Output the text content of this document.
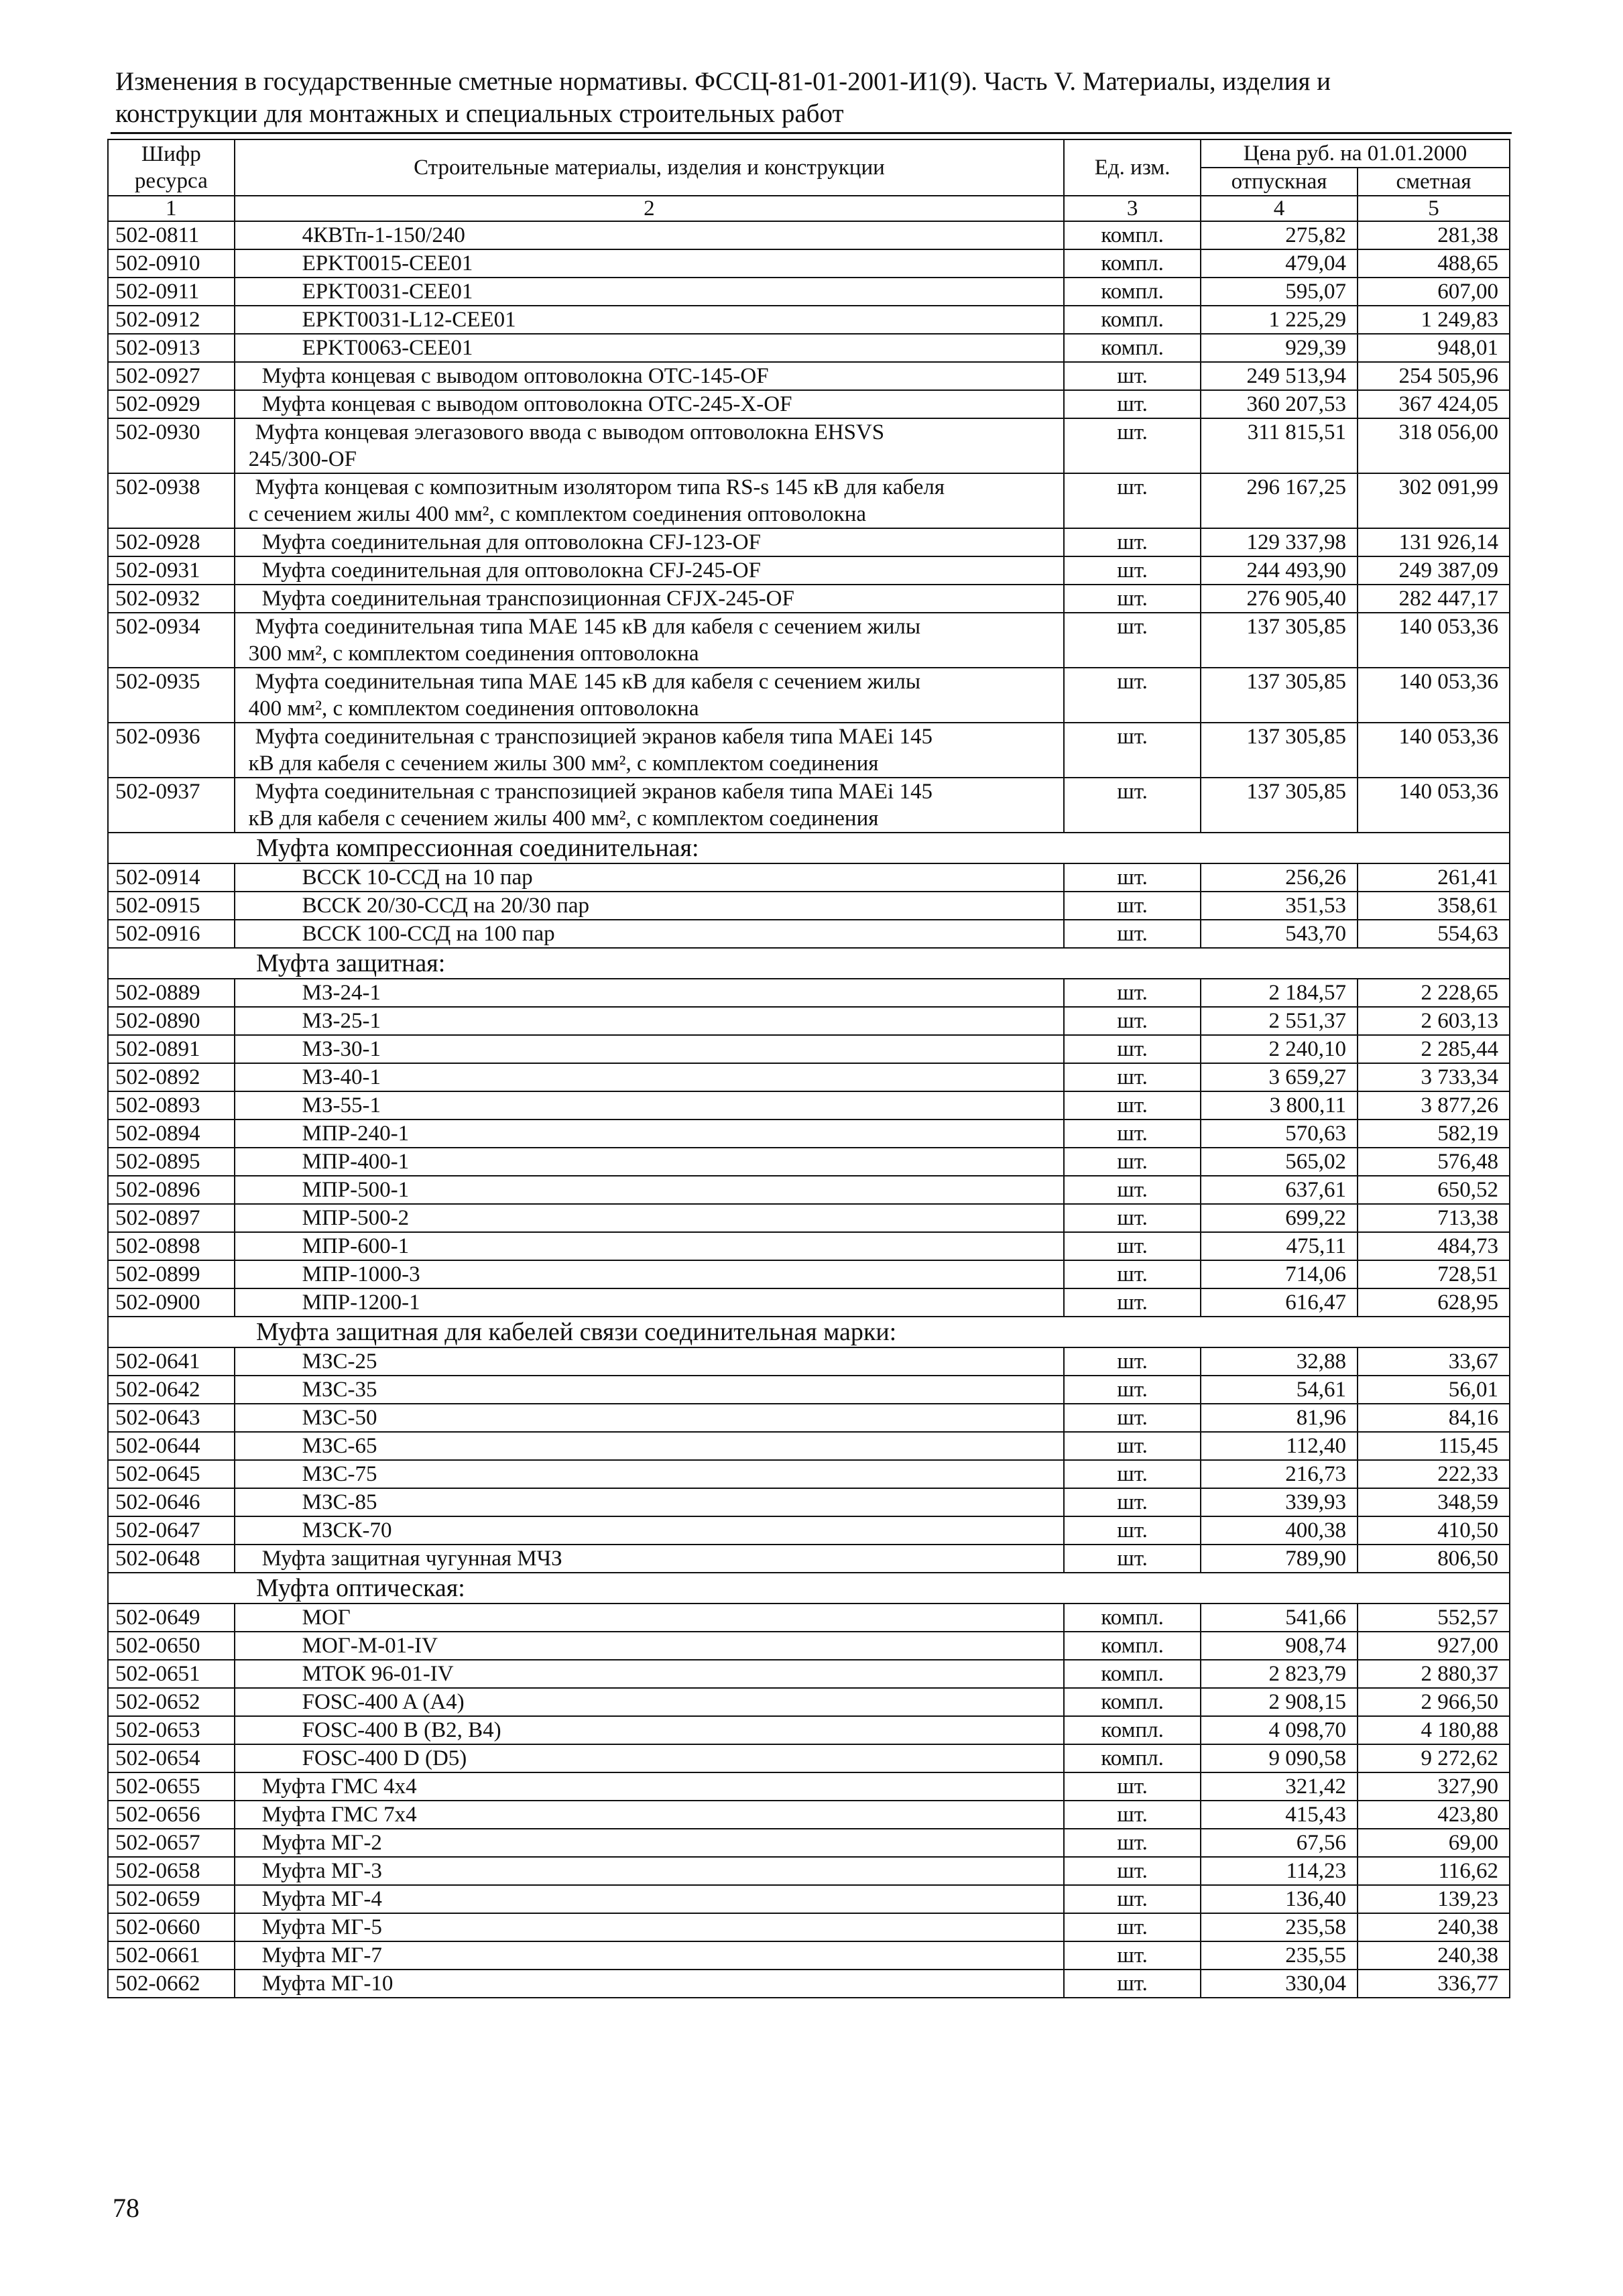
Изменения в государственные сметные нормативы. ФССЦ-81-01-2001-И1(9). Часть V. Материалы, изделия и
конструкции для монтажных и специальных строительных работ
Шифр ресурса	Строительные материалы, изделия и конструкции	Ед. изм.	Цена руб. на 01.01.2000	
			отпускная	сметная
1	2	3	4	5
502-0811	4КВТп-1-150/240	компл.	275,82	281,38
502-0910	EPKT0015-CEE01	компл.	479,04	488,65
502-0911	EPKT0031-CEE01	компл.	595,07	607,00
502-0912	EPKT0031-L12-CEE01	компл.	1 225,29	1 249,83
502-0913	EPKT0063-CEE01	компл.	929,39	948,01
502-0927	Муфта концевая с выводом оптоволокна OTC-145-OF	шт.	249 513,94	254 505,96
502-0929	Муфта концевая с выводом оптоволокна OTC-245-X-OF	шт.	360 207,53	367 424,05
502-0930	Муфта концевая элегазового ввода с выводом оптоволокна EHSVS
245/300-OF	шт.	311 815,51	318 056,00
502-0938	Муфта концевая с композитным изолятором типа RS-s 145 кВ для кабеля
с сечением жилы 400 мм², с комплектом соединения оптоволокна	шт.	296 167,25	302 091,99
502-0928	Муфта соединительная для оптоволокна CFJ-123-OF	шт.	129 337,98	131 926,14
502-0931	Муфта соединительная для оптоволокна CFJ-245-OF	шт.	244 493,90	249 387,09
502-0932	Муфта соединительная транспозиционная CFJX-245-OF	шт.	276 905,40	282 447,17
502-0934	Муфта соединительная типа MAE 145 кВ для кабеля с сечением жилы
300 мм², с комплектом соединения оптоволокна	шт.	137 305,85	140 053,36
502-0935	Муфта соединительная типа MAE 145 кВ для кабеля с сечением жилы
400 мм², с комплектом соединения оптоволокна	шт.	137 305,85	140 053,36
502-0936	Муфта соединительная с транспозицией экранов кабеля типа MAEi 145
кВ для кабеля с сечением жилы 300 мм², с комплектом соединения	шт.	137 305,85	140 053,36
502-0937	Муфта соединительная с транспозицией экранов кабеля типа MAEi 145
кВ для кабеля с сечением жилы 400 мм², с комплектом соединения	шт.	137 305,85	140 053,36
Муфта компрессионная соединительная:				
502-0914	ВССК 10-ССД на 10 пар	шт.	256,26	261,41
502-0915	ВССК 20/30-ССД на 20/30 пар	шт.	351,53	358,61
502-0916	ВССК 100-ССД на 100 пар	шт.	543,70	554,63
Муфта защитная:				
502-0889	МЗ-24-1	шт.	2 184,57	2 228,65
502-0890	МЗ-25-1	шт.	2 551,37	2 603,13
502-0891	МЗ-30-1	шт.	2 240,10	2 285,44
502-0892	МЗ-40-1	шт.	3 659,27	3 733,34
502-0893	МЗ-55-1	шт.	3 800,11	3 877,26
502-0894	МПР-240-1	шт.	570,63	582,19
502-0895	МПР-400-1	шт.	565,02	576,48
502-0896	МПР-500-1	шт.	637,61	650,52
502-0897	МПР-500-2	шт.	699,22	713,38
502-0898	МПР-600-1	шт.	475,11	484,73
502-0899	МПР-1000-3	шт.	714,06	728,51
502-0900	МПР-1200-1	шт.	616,47	628,95
Муфта защитная для кабелей связи соединительная марки:				
502-0641	МЗС-25	шт.	32,88	33,67
502-0642	МЗС-35	шт.	54,61	56,01
502-0643	МЗС-50	шт.	81,96	84,16
502-0644	МЗС-65	шт.	112,40	115,45
502-0645	МЗС-75	шт.	216,73	222,33
502-0646	МЗС-85	шт.	339,93	348,59
502-0647	МЗСК-70	шт.	400,38	410,50
502-0648	Муфта защитная чугунная МЧЗ	шт.	789,90	806,50
Муфта оптическая:				
502-0649	МОГ	компл.	541,66	552,57
502-0650	МОГ-М-01-IV	компл.	908,74	927,00
502-0651	МТОК 96-01-IV	компл.	2 823,79	2 880,37
502-0652	FOSC-400 A (A4)	компл.	2 908,15	2 966,50
502-0653	FOSC-400 B (B2, B4)	компл.	4 098,70	4 180,88
502-0654	FOSC-400 D (D5)	компл.	9 090,58	9 272,62
502-0655	Муфта ГМС 4х4	шт.	321,42	327,90
502-0656	Муфта ГМС 7х4	шт.	415,43	423,80
502-0657	Муфта МГ-2	шт.	67,56	69,00
502-0658	Муфта МГ-3	шт.	114,23	116,62
502-0659	Муфта МГ-4	шт.	136,40	139,23
502-0660	Муфта МГ-5	шт.	235,58	240,38
502-0661	Муфта МГ-7	шт.	235,55	240,38
502-0662	Муфта МГ-10	шт.	330,04	336,77
78
